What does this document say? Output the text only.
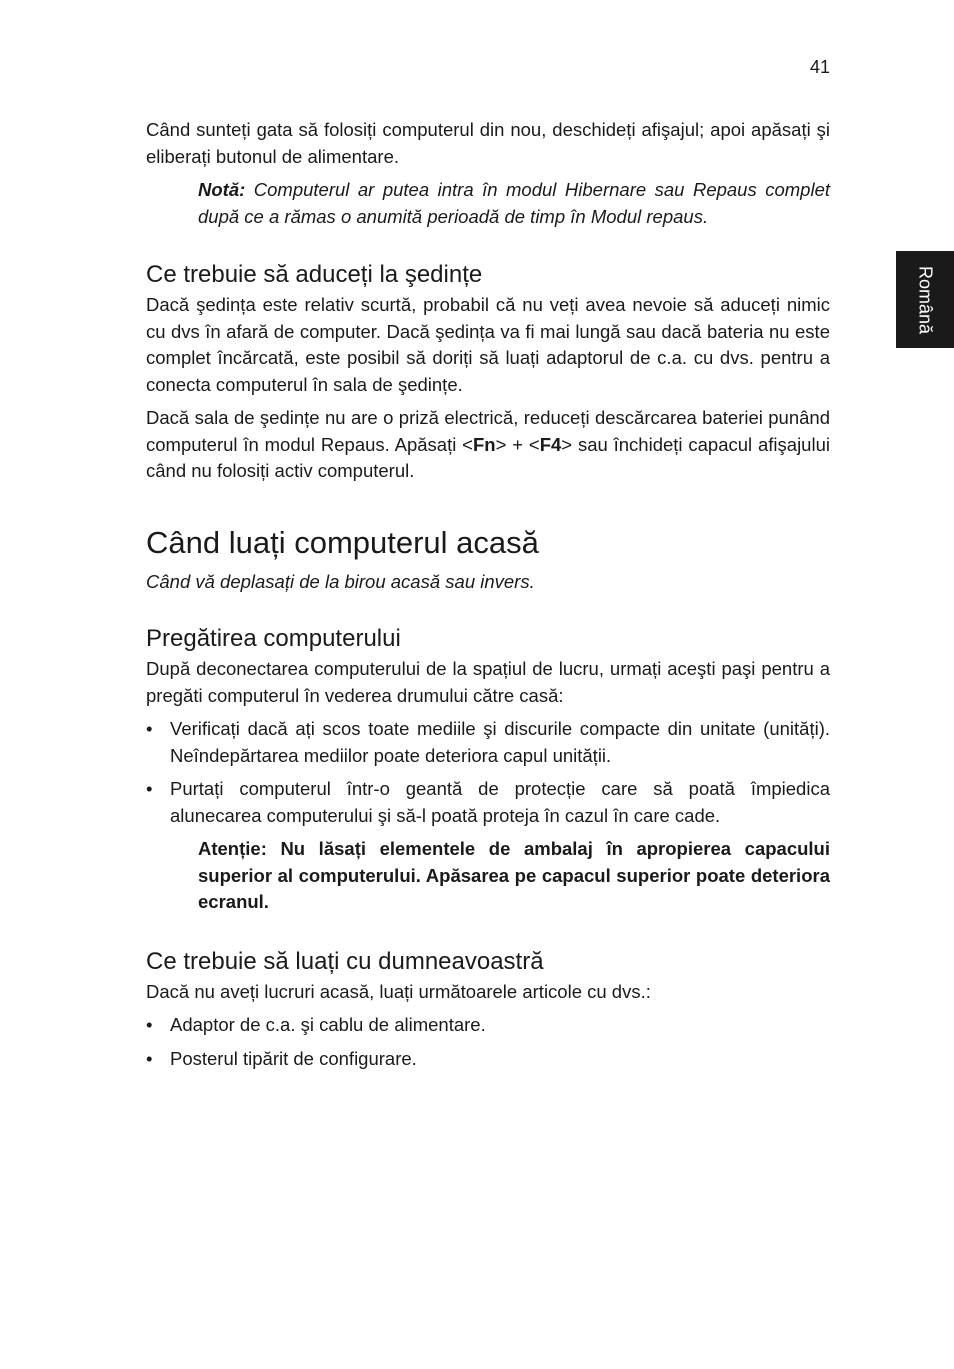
41
Română

Când sunteți gata să folosiți computerul din nou, deschideți afişajul; apoi apăsați şi eliberați butonul de alimentare.

Notă: Computerul ar putea intra în modul Hibernare sau Repaus complet după ce a rămas o anumită perioadă de timp în Modul repaus.

Ce trebuie să aduceți la şedințe

Dacă şedința este relativ scurtă, probabil că nu veți avea nevoie să aduceți nimic cu dvs în afară de computer. Dacă şedința va fi mai lungă sau dacă bateria nu este complet încărcată, este posibil să doriți să luați adaptorul de c.a. cu dvs. pentru a conecta computerul în sala de şedințe.

Dacă sala de şedințe nu are o priză electrică, reduceți descărcarea bateriei punând computerul în modul Repaus. Apăsați <Fn> + <F4> sau închideți capacul afişajului când nu folosiți activ computerul.

Când luați computerul acasă

Când vă deplasați de la birou acasă sau invers.

Pregătirea computerului

După deconectarea computerului de la spațiul de lucru, urmați aceşti paşi pentru a pregăti computerul în vederea drumului către casă:

• Verificați dacă ați scos toate mediile şi discurile compacte din unitate (unități). Neîndepărtarea mediilor poate deteriora capul unității.
• Purtați computerul într-o geantă de protecție care să poată împiedica alunecarea computerului şi să-l poată proteja în cazul în care cade.

Atenție: Nu lăsați elementele de ambalaj în apropierea capacului superior al computerului. Apăsarea pe capacul superior poate deteriora ecranul.

Ce trebuie să luați cu dumneavoastră

Dacă nu aveți lucruri acasă, luați următoarele articole cu dvs.:

• Adaptor de c.a. şi cablu de alimentare.
• Posterul tipărit de configurare.
